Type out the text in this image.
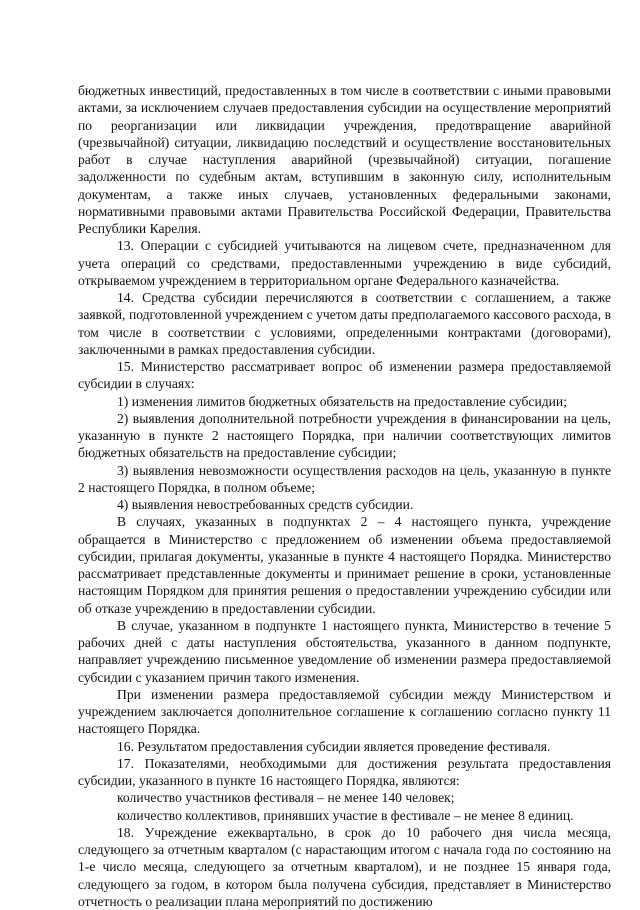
бюджетных инвестиций, предоставленных в том числе в соответствии с иными правовыми актами, за исключением случаев предоставления субсидии на осуществление мероприятий по реорганизации или ликвидации учреждения, предотвращение аварийной (чрезвычайной) ситуации, ликвидацию последствий и осуществление восстановительных работ в случае наступления аварийной (чрезвычайной) ситуации, погашение задолженности по судебным актам, вступившим в законную силу, исполнительным документам, а также иных случаев, установленных федеральными законами, нормативными правовыми актами Правительства Российской Федерации, Правительства Республики Карелия.

13. Операции с субсидией учитываются на лицевом счете, предназначенном для учета операций со средствами, предоставленными учреждению в виде субсидий, открываемом учреждением в территориальном органе Федерального казначейства.

14. Средства субсидии перечисляются в соответствии с соглашением, а также заявкой, подготовленной учреждением с учетом даты предполагаемого кассового расхода, в том числе в соответствии с условиями, определенными контрактами (договорами), заключенными в рамках предоставления субсидии.

15. Министерство рассматривает вопрос об изменении размера предоставляемой субсидии в случаях:

1) изменения лимитов бюджетных обязательств на предоставление субсидии;

2) выявления дополнительной потребности учреждения в финансировании на цель, указанную в пункте 2 настоящего Порядка, при наличии соответствующих лимитов бюджетных обязательств на предоставление субсидии;

3) выявления невозможности осуществления расходов на цель, указанную в пункте 2 настоящего Порядка, в полном объеме;

4) выявления невостребованных средств субсидии.

В случаях, указанных в подпунктах 2 – 4 настоящего пункта, учреждение обращается в Министерство с предложением об изменении объема предоставляемой субсидии, прилагая документы, указанные в пункте 4 настоящего Порядка. Министерство рассматривает представленные документы и принимает решение в сроки, установленные настоящим Порядком для принятия решения о предоставлении учреждению субсидии или об отказе учреждению в предоставлении субсидии.

В случае, указанном в подпункте 1 настоящего пункта, Министерство в течение 5 рабочих дней с даты наступления обстоятельства, указанного в данном подпункте, направляет учреждению письменное уведомление об изменении размера предоставляемой субсидии с указанием причин такого изменения.

При изменении размера предоставляемой субсидии между Министерством и учреждением заключается дополнительное соглашение к соглашению согласно пункту 11 настоящего Порядка.

16. Результатом предоставления субсидии является проведение фестиваля.

17. Показателями, необходимыми для достижения результата предоставления субсидии, указанного в пункте 16 настоящего Порядка, являются:

количество участников фестиваля – не менее 140 человек;

количество коллективов, принявших участие в фестивале – не менее 8 единиц.

18. Учреждение ежеквартально, в срок до 10 рабочего дня числа месяца, следующего за отчетным кварталом (с нарастающим итогом с начала года по состоянию на 1-е число месяца, следующего за отчетным кварталом), и не позднее 15 января года, следующего за годом, в котором была получена субсидия, представляет в Министерство отчетность о реализации плана мероприятий по достижению
